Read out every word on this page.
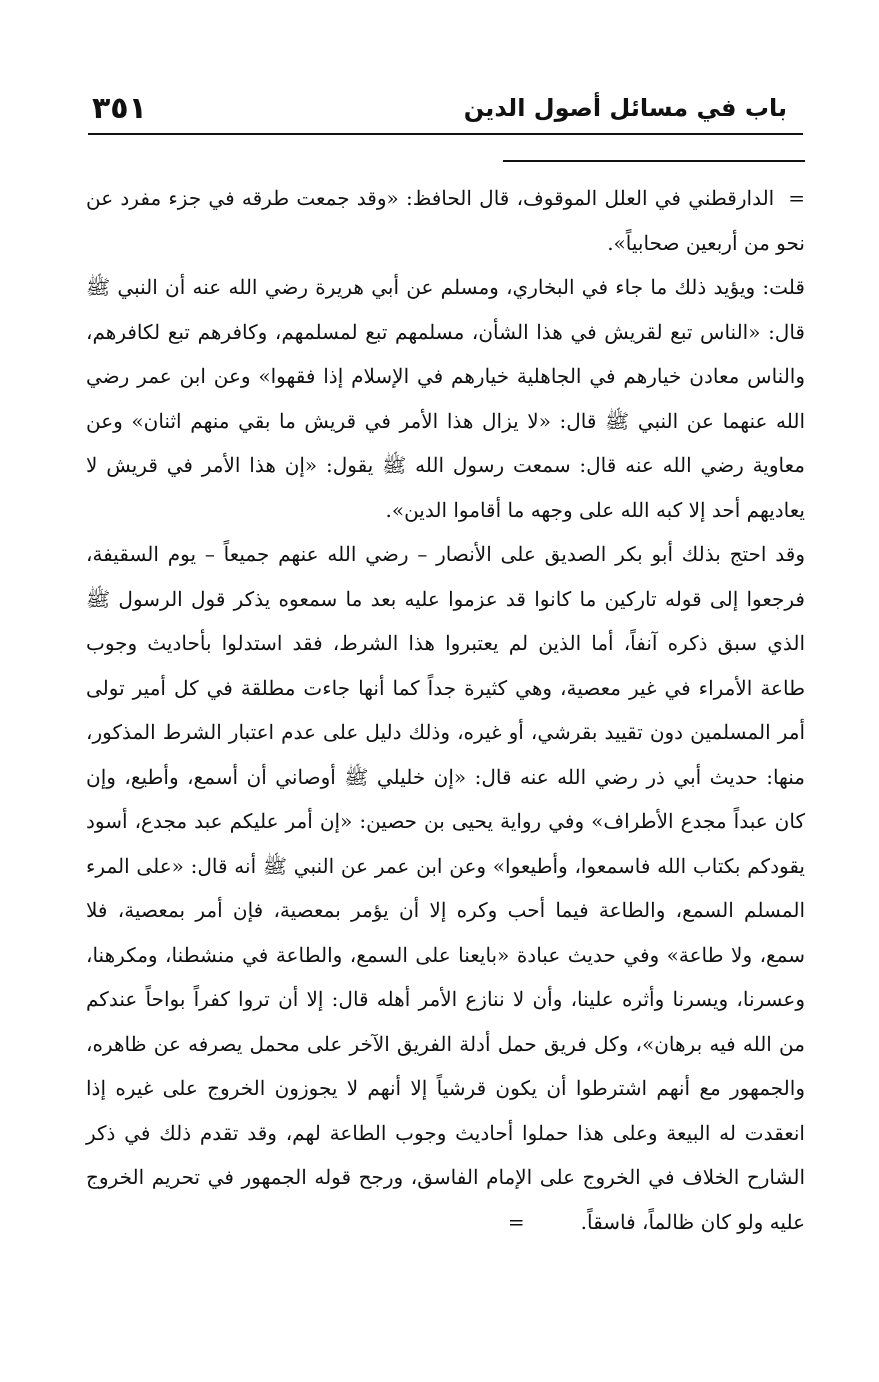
باب في مسائل أصول الدين
٣٥١

=الدارقطني في العلل الموقوف، قال الحافظ: «وقد جمعت طرقه في جزء مفرد عن نحو من أربعين صحابياً».

قلت: ويؤيد ذلك ما جاء في البخاري، ومسلم عن أبي هريرة رضي الله عنه أن النبي ﷺ قال: «الناس تبع لقريش في هذا الشأن، مسلمهم تبع لمسلمهم، وكافرهم تبع لكافرهم، والناس معادن خيارهم في الجاهلية خيارهم في الإسلام إذا فقهوا» وعن ابن عمر رضي الله عنهما عن النبي ﷺ قال: «لا يزال هذا الأمر في قريش ما بقي منهم اثنان» وعن معاوية رضي الله عنه قال: سمعت رسول الله ﷺ يقول: «إن هذا الأمر في قريش لا يعاديهم أحد إلا كبه الله على وجهه ما أقاموا الدين».

وقد احتج بذلك أبو بكر الصديق على الأنصار – رضي الله عنهم جميعاً – يوم السقيفة، فرجعوا إلى قوله تاركين ما كانوا قد عزموا عليه بعد ما سمعوه يذكر قول الرسول ﷺ الذي سبق ذكره آنفاً، أما الذين لم يعتبروا هذا الشرط، فقد استدلوا بأحاديث وجوب طاعة الأمراء في غير معصية، وهي كثيرة جداً كما أنها جاءت مطلقة في كل أمير تولى أمر المسلمين دون تقييد بقرشي، أو غيره، وذلك دليل على عدم اعتبار الشرط المذكور، منها: حديث أبي ذر رضي الله عنه قال: «إن خليلي ﷺ أوصاني أن أسمع، وأطيع، وإن كان عبداً مجدع الأطراف» وفي رواية يحيى بن حصين: «إن أمر عليكم عبد مجدع، أسود يقودكم بكتاب الله فاسمعوا، وأطيعوا» وعن ابن عمر عن النبي ﷺ أنه قال: «على المرء المسلم السمع، والطاعة فيما أحب وكره إلا أن يؤمر بمعصية، فإن أمر بمعصية، فلا سمع، ولا طاعة» وفي حديث عبادة «بايعنا على السمع، والطاعة في منشطنا، ومكرهنا، وعسرنا، ويسرنا وأثره علينا، وأن لا ننازع الأمر أهله قال: إلا أن تروا كفراً بواحاً عندكم من الله فيه برهان»، وكل فريق حمل أدلة الفريق الآخر على محمل يصرفه عن ظاهره، والجمهور مع أنهم اشترطوا أن يكون قرشياً إلا أنهم لا يجوزون الخروج على غيره إذا انعقدت له البيعة وعلى هذا حملوا أحاديث وجوب الطاعة لهم، وقد تقدم ذلك في ذكر الشارح الخلاف في الخروج على الإمام الفاسق، ورجح قوله الجمهور في تحريم الخروج عليه ولو كان ظالماً، فاسقاً.=
